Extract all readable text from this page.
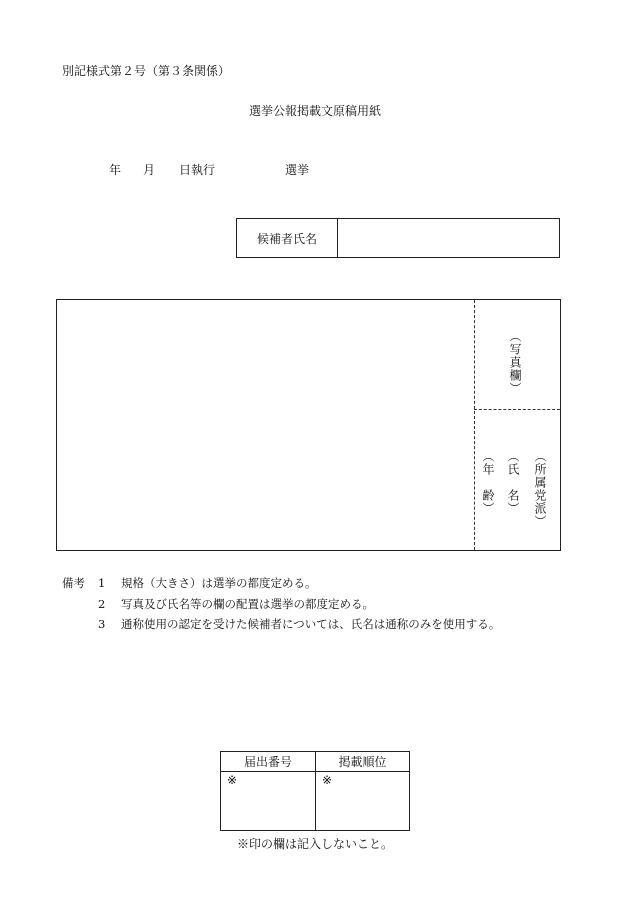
別記様式第２号（第３条関係）
選挙公報掲載文原稿用紙
年 月 日執行	選挙
候補者氏名
（写真欄）
（所属党派）
（氏　名）
（年　齢）
備考 1 規格（大きさ）は選挙の都度定める。
2 写真及び氏名等の欄の配置は選挙の都度定める。
3 通称使用の認定を受けた候補者については、氏名は通称のみを使用する。
届出番号	掲載順位
※	※
※印の欄は記入しないこと。
